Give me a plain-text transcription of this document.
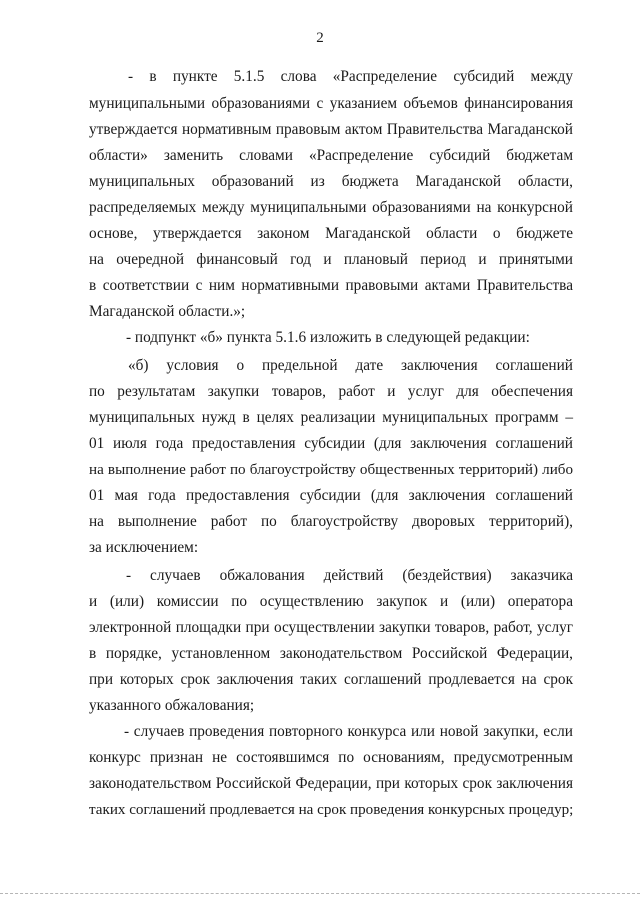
2
- в пункте 5.1.5 слова «Распределение субсидий между
муниципальными образованиями с указанием объемов финансирования
утверждается нормативным правовым актом Правительства Магаданской
области» заменить словами «Распределение субсидий бюджетам
муниципальных образований из бюджета Магаданской области,
распределяемых между муниципальными образованиями на конкурсной
основе, утверждается законом Магаданской области о бюджете
на очередной финансовый год и плановый период и принятыми
в соответствии с ним нормативными правовыми актами Правительства
Магаданской области.»;
- подпункт «б» пункта 5.1.6 изложить в следующей редакции:
«б) условия о предельной дате заключения соглашений
по результатам закупки товаров, работ и услуг для обеспечения
муниципальных нужд в целях реализации муниципальных программ –
01 июля года предоставления субсидии (для заключения соглашений
на выполнение работ по благоустройству общественных территорий) либо
01 мая года предоставления субсидии (для заключения соглашений
на выполнение работ по благоустройству дворовых территорий),
за исключением:
- случаев обжалования действий (бездействия) заказчика
и (или) комиссии по осуществлению закупок и (или) оператора
электронной площадки при осуществлении закупки товаров, работ, услуг
в порядке, установленном законодательством Российской Федерации,
при которых срок заключения таких соглашений продлевается на срок
указанного обжалования;
- случаев проведения повторного конкурса или новой закупки, если
конкурс признан не состоявшимся по основаниям, предусмотренным
законодательством Российской Федерации, при которых срок заключения
таких соглашений продлевается на срок проведения конкурсных процедур;
